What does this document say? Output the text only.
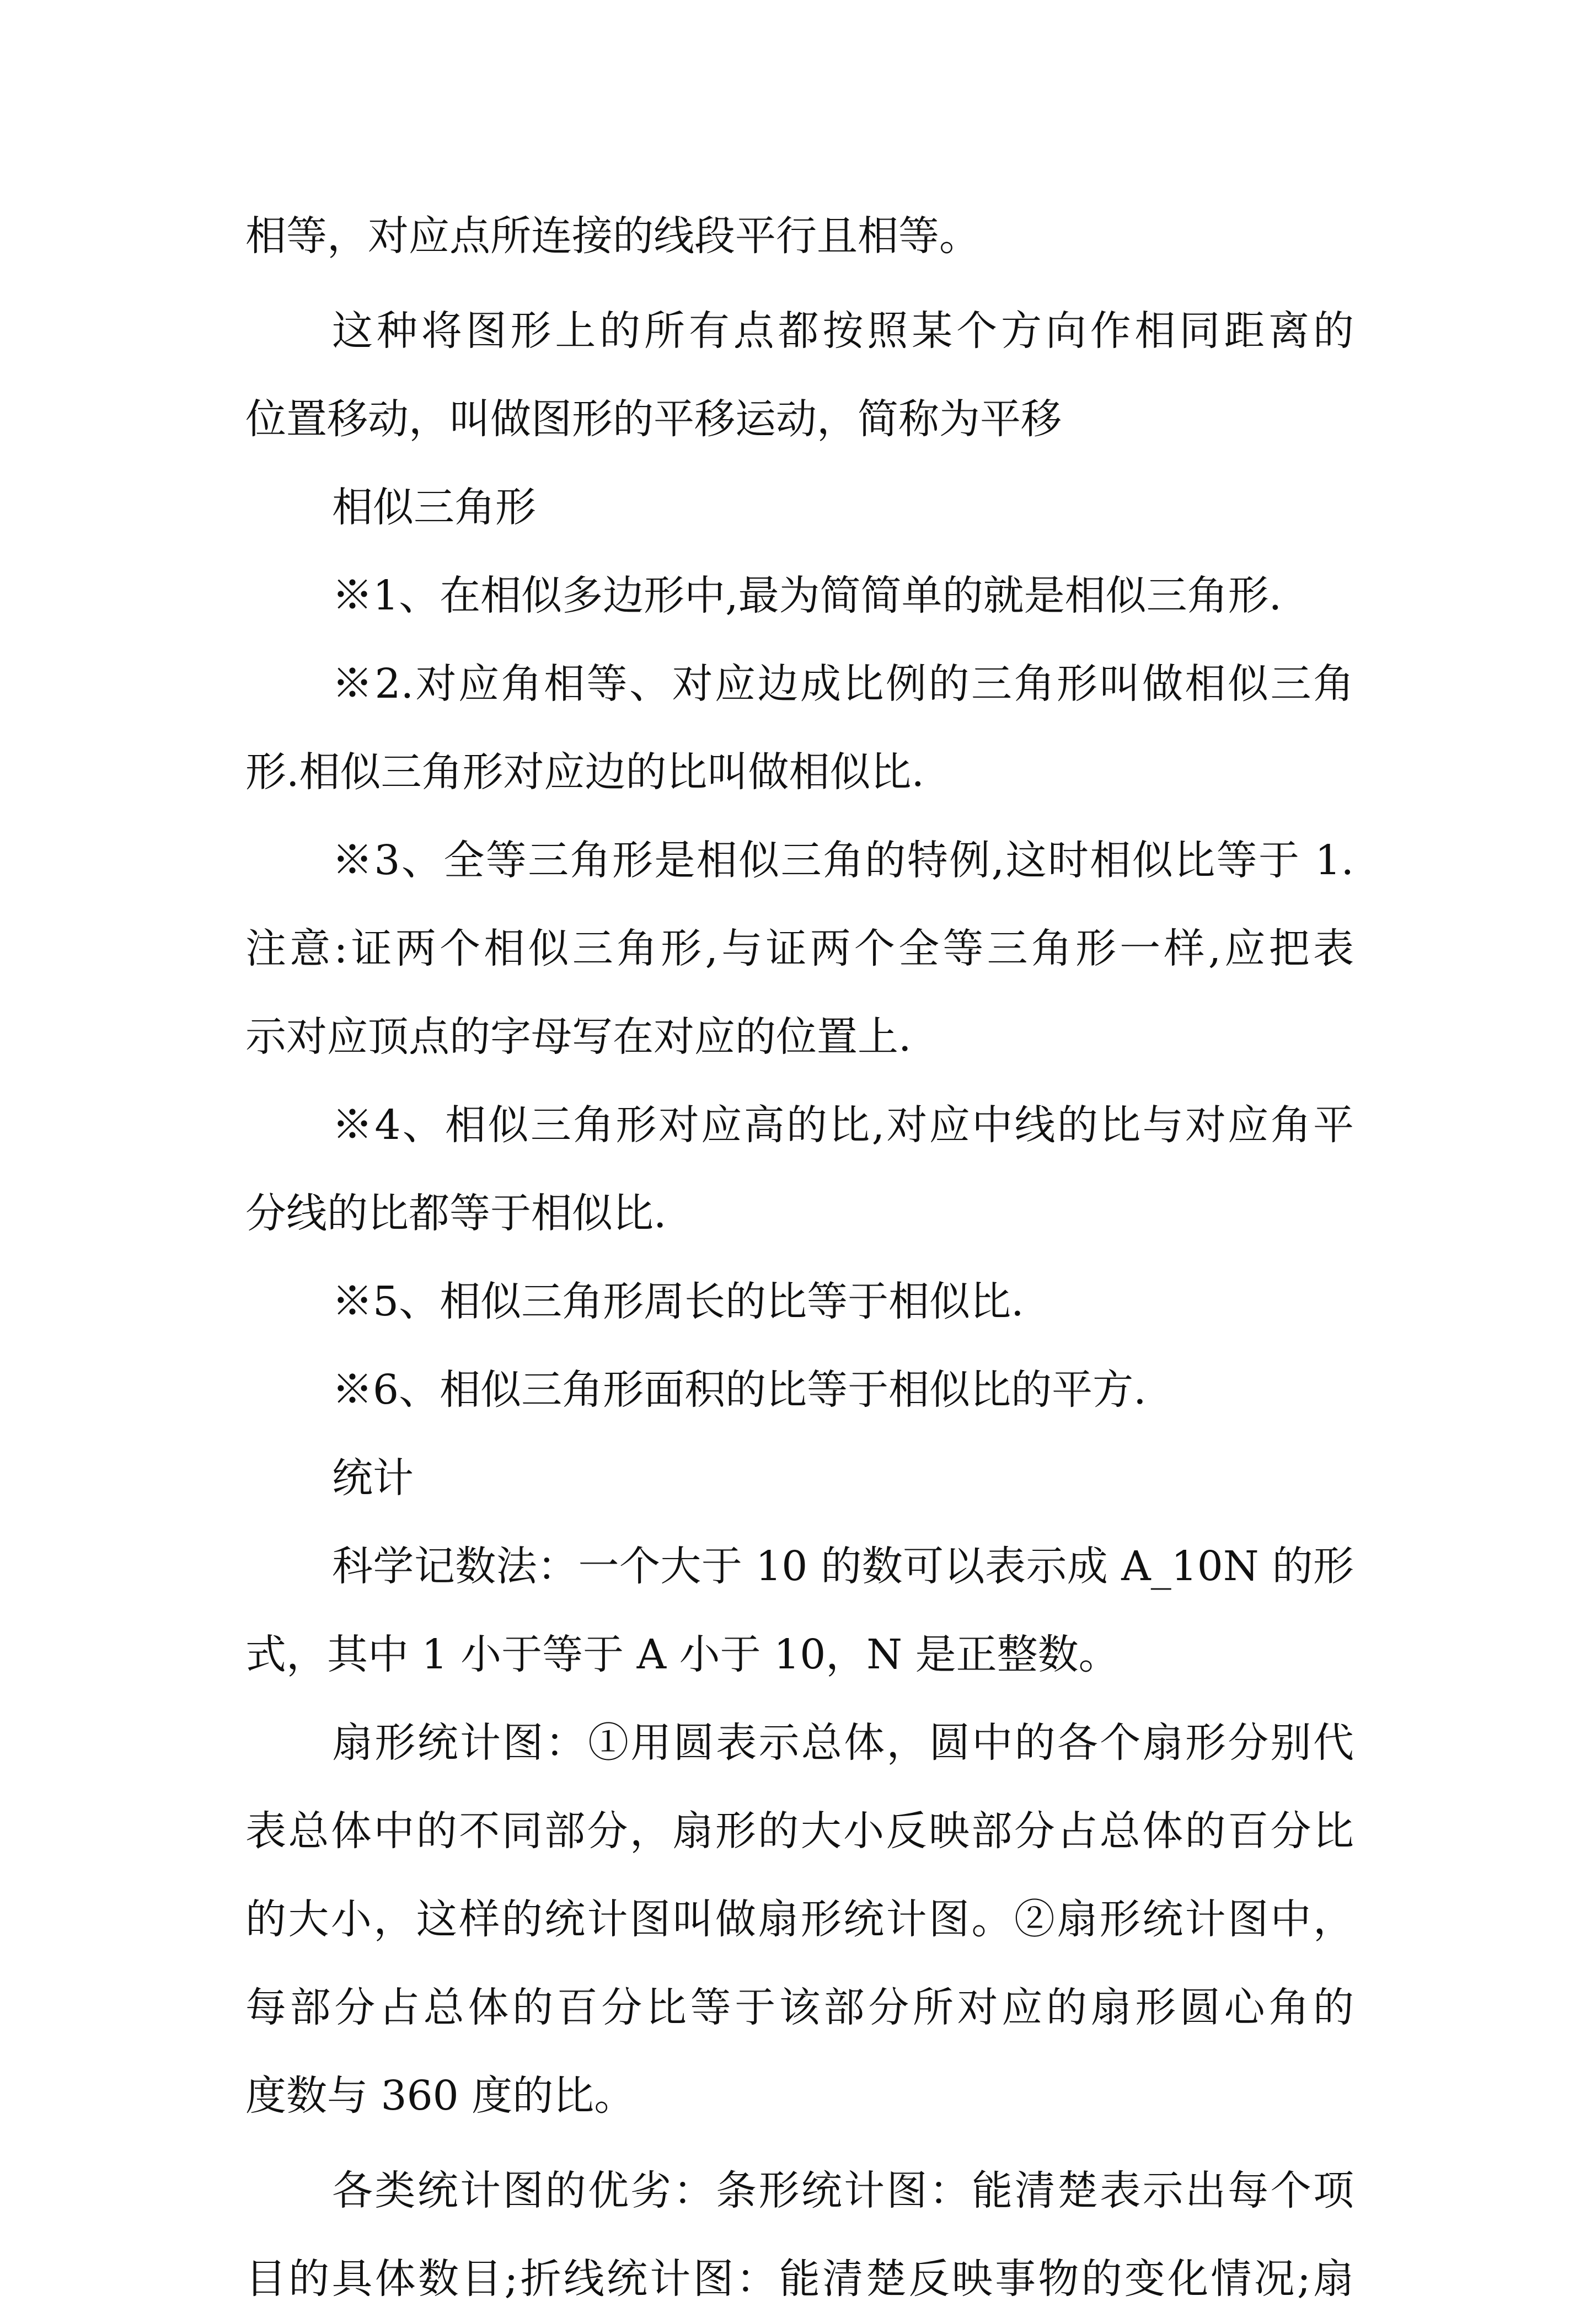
相等，对应点所连接的线段平行且相等。
这种将图形上的所有点都按照某个方向作相同距离的
位置移动，叫做图形的平移运动，简称为平移
相似三角形
※1、在相似多边形中,最为简简单的就是相似三角形.
※2.对应角相等、对应边成比例的三角形叫做相似三角
形.相似三角形对应边的比叫做相似比.
※3、全等三角形是相似三角的特例,这时相似比等于 1.
注意:证两个相似三角形,与证两个全等三角形一样,应把表
示对应顶点的字母写在对应的位置上.
※4、相似三角形对应高的比,对应中线的比与对应角平
分线的比都等于相似比.
※5、相似三角形周长的比等于相似比.
※6、相似三角形面积的比等于相似比的平方.
统计
科学记数法：一个大于 10 的数可以表示成 A_10N 的形
式，其中 1 小于等于 A 小于 10，N 是正整数。
扇形统计图：①用圆表示总体，圆中的各个扇形分别代
表总体中的不同部分，扇形的大小反映部分占总体的百分比
的大小，这样的统计图叫做扇形统计图。②扇形统计图中，
每部分占总体的百分比等于该部分所对应的扇形圆心角的
度数与 360 度的比。
各类统计图的优劣：条形统计图：能清楚表示出每个项
目的具体数目;折线统计图：能清楚反映事物的变化情况;扇
